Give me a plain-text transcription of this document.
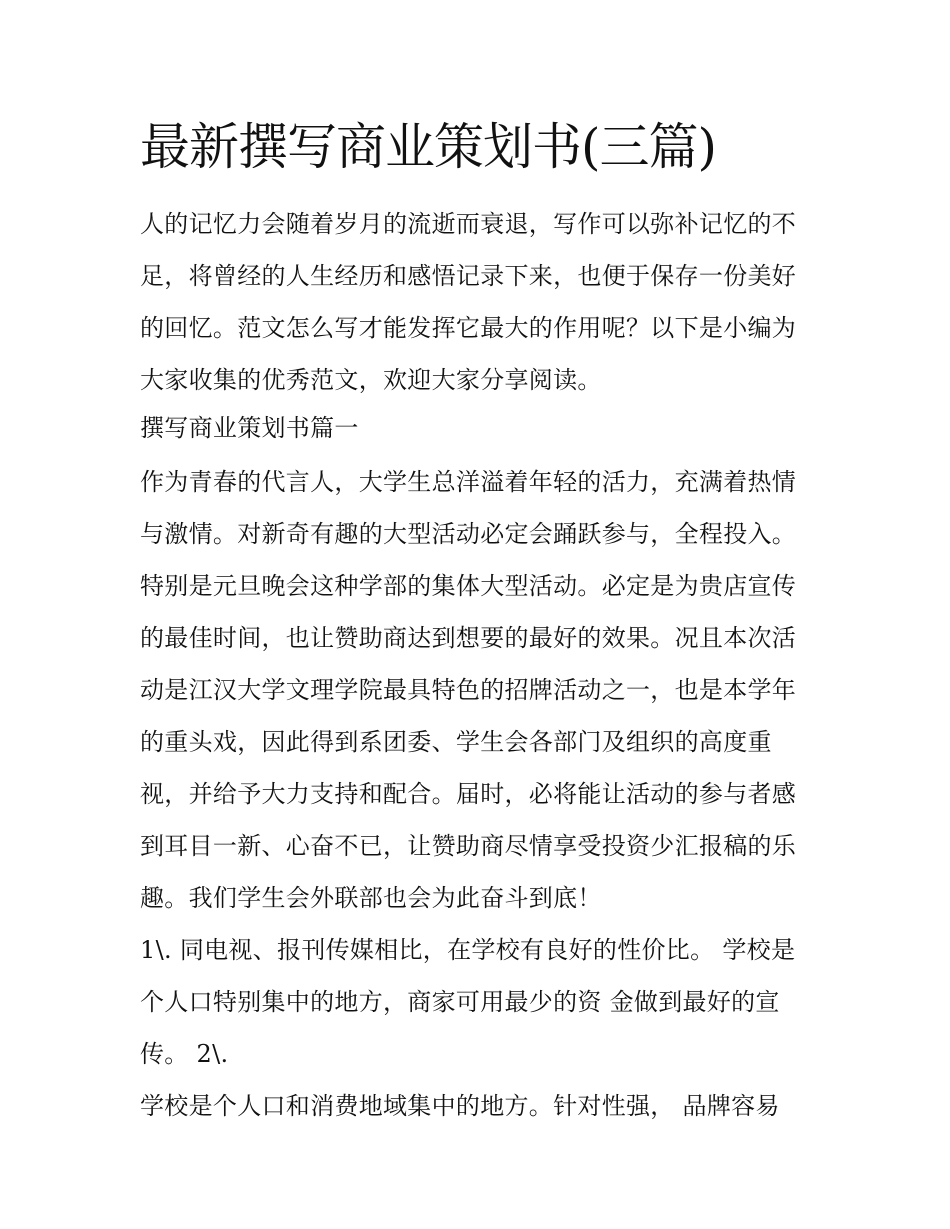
最新撰写商业策划书(三篇)

人的记忆力会随着岁月的流逝而衰退，写作可以弥补记忆的不
足，将曾经的人生经历和感悟记录下来，也便于保存一份美好
的回忆。范文怎么写才能发挥它最大的作用呢？以下是小编为
大家收集的优秀范文，欢迎大家分享阅读。

撰写商业策划书篇一

作为青春的代言人，大学生总洋溢着年轻的活力，充满着热情
与激情。对新奇有趣的大型活动必定会踊跃参与，全程投入。
特别是元旦晚会这种学部的集体大型活动。必定是为贵店宣传
的最佳时间，也让赞助商达到想要的最好的效果。况且本次活
动是江汉大学文理学院最具特色的招牌活动之一，也是本学年
的重头戏，因此得到系团委、学生会各部门及组织的高度重
视，并给予大力支持和配合。届时，必将能让活动的参与者感
到耳目一新、心奋不已，让赞助商尽情享受投资少汇报稿的乐
趣。我们学生会外联部也会为此奋斗到底！

1\. 同电视、报刊传媒相比，在学校有良好的性价比。 学校是
个人口特别集中的地方，商家可用最少的资 金做到最好的宣
传。 2\.

学校是个人口和消费地域集中的地方。针对性强， 品牌容易
